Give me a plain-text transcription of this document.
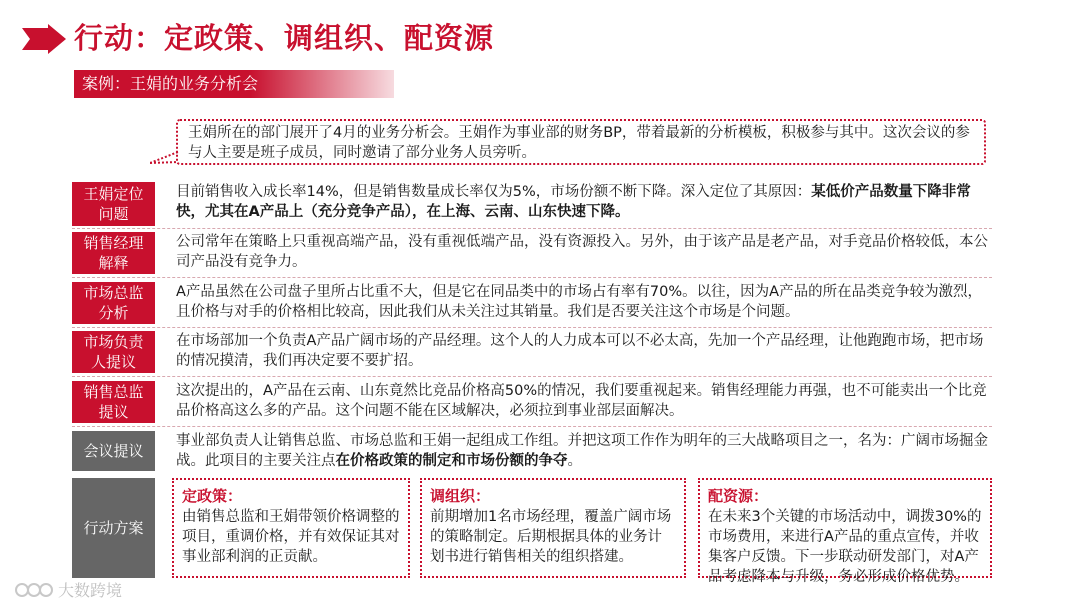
行动：定政策、调组织、配资源
案例：王娟的业务分析会
王娟所在的部门展开了4月的业务分析会。王娟作为事业部的财务BP，带着最新的分析模板，积极参与其中。这次会议的参与人主要是班子成员，同时邀请了部分业务人员旁听。
王娟定位
问题
目前销售收入成长率14%，但是销售数量成长率仅为5%，市场份额不断下降。深入定位了其原因：某低价产品数量下降非常快，尤其在A产品上（充分竞争产品），在上海、云南、山东快速下降。
销售经理
解释
公司常年在策略上只重视高端产品，没有重视低端产品，没有资源投入。另外，由于该产品是老产品，对手竞品价格较低，本公司产品没有竞争力。
市场总监
分析
A产品虽然在公司盘子里所占比重不大，但是它在同品类中的市场占有率有70%。以往，因为A产品的所在品类竞争较为激烈，且价格与对手的价格相比较高，因此我们从未关注过其销量。我们是否要关注这个市场是个问题。
市场负责
人提议
在市场部加一个负责A产品广阔市场的产品经理。这个人的人力成本可以不必太高，先加一个产品经理，让他跑跑市场，把市场的情况摸清，我们再决定要不要扩招。
销售总监
提议
这次提出的，A产品在云南、山东竟然比竞品价格高50%的情况，我们要重视起来。销售经理能力再强，也不可能卖出一个比竞品价格高这么多的产品。这个问题不能在区域解决，必须拉到事业部层面解决。
会议提议
事业部负责人让销售总监、市场总监和王娟一起组成工作组。并把这项工作作为明年的三大战略项目之一，名为：广阔市场掘金战。此项目的主要关注点在价格政策的制定和市场份额的争夺。
行动方案
定政策：
由销售总监和王娟带领价格调整的项目，重调价格，并有效保证其对事业部利润的正贡献。
调组织：
前期增加1名市场经理，覆盖广阔市场的策略制定。后期根据具体的业务计划书进行销售相关的组织搭建。
配资源：
在未来3个关键的市场活动中，调拨30%的市场费用，来进行A产品的重点宣传，并收集客户反馈。下一步联动研发部门，对A产品考虑降本与升级，务必形成价格优势。
大数跨境
